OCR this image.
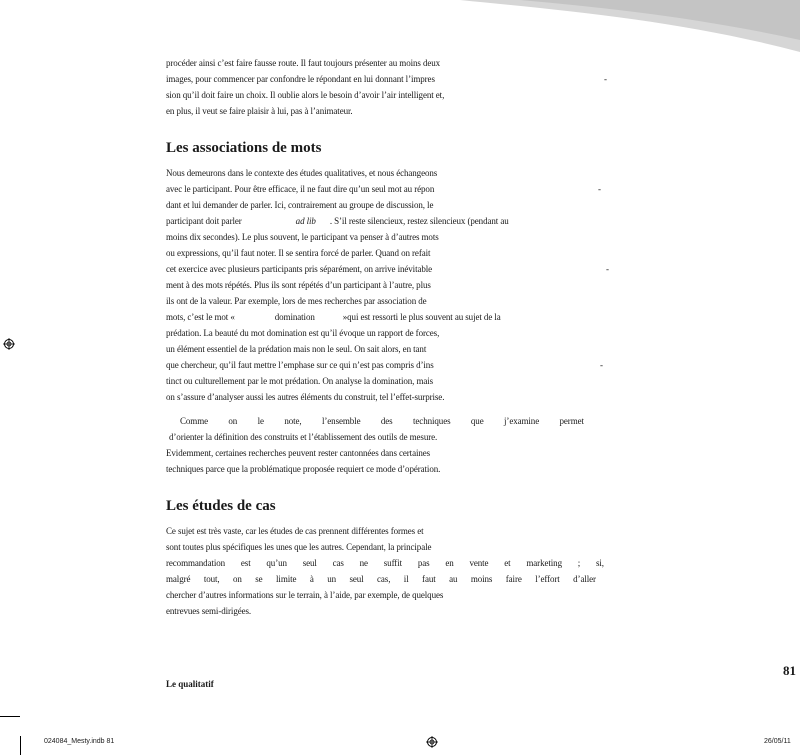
procéder ainsi c’est faire fausse route. Il faut toujours présenter au moins deux
images, pour commencer par confondre le répondant en lui donnant l’impres
sion qu’il doit faire un choix. Il oublie alors le besoin d’avoir l’air intelligent et,
en plus, il veut se faire plaisir à lui, pas à l’animateur.
-
Les associations de mots
Nous demeurons dans le contexte des études qualitatives, et nous échangeons
avec le participant. Pour être efficace, il ne faut dire qu’un seul mot au répon	-
dant et lui demander de parler. Ici, contrairement au groupe de discussion, le
participant doit parler	ad lib . S’il reste silencieux, restez silencieux (pendant au
moins dix secondes). Le plus souvent, le participant va penser à d’autres mots
ou expressions, qu’il faut noter. Il se sentira forcé de parler. Quand on refait
cet exercice avec plusieurs participants pris séparément, on arrive inévitable	-
ment à des mots répétés. Plus ils sont répétés d’un participant à l’autre, plus
ils ont de la valeur. Par exemple, lors de mes recherches par association de
mots, c’est le mot «	domination	»qui est ressorti le plus souvent au sujet de la
prédation. La beauté du mot domination est qu’il évoque un rapport de forces,
un élément essentiel de la prédation mais non le seul. On sait alors, en tant
que chercheur, qu’il faut mettre l’emphase sur ce qui n’est pas compris d’ins	-
tinct ou culturellement par le mot prédation. On analyse la domination, mais
on s’assure d’analyser aussi les autres éléments du construit, tel l’effet-surprise.
Comme on le note, l’ensemble des techniques que j’examine permet
d’orienter la définition des construits et l’établissement des outils de mesure.
Evidemment, certaines recherches peuvent rester cantonnées dans certaines
techniques parce que la problématique proposée requiert ce mode d’opération.
Les études de cas
Ce sujet est très vaste, car les études de cas prennent différentes formes et
sont toutes plus spécifiques les unes que les autres. Cependant, la principale
recommandation est qu’un seul cas ne suffit pas en vente et marketing ; si,
malgré tout, on se limite à un seul cas, il faut au moins faire l’effort d’aller
chercher d’autres informations sur le terrain, à l’aide, par exemple, de quelques
entrevues semi-dirigées.
81
Le qualitatif
024084_Mesty.indb 81	26/05/11
